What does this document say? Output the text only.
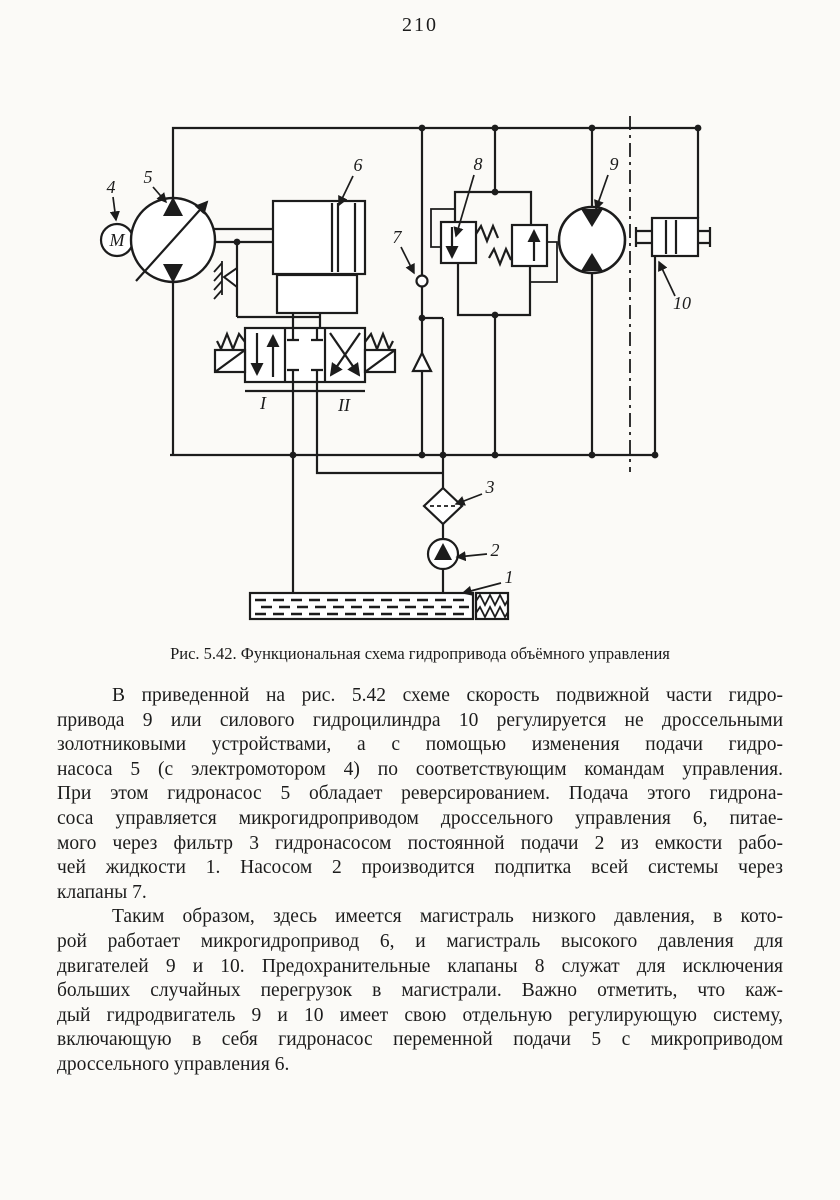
210
M
4 5
6
7
8	9
10
3
2
1
I	II
Рис. 5.42. Функциональная схема гидропривода объёмного управления
В приведенной на рис. 5.42 схеме скорость подвижной части гидро-
привода 9 или силового гидроцилиндра 10 регулируется не дроссельными
золотниковыми устройствами, а с помощью изменения подачи гидро-
насоса 5 (с электромотором 4) по соответствующим командам управления.
При этом гидронасос 5 обладает реверсированием. Подача этого гидрона-
соса управляется микрогидроприводом дроссельного управления 6, питае-
мого через фильтр 3 гидронасосом постоянной подачи 2 из емкости рабо-
чей жидкости 1. Насосом 2 производится подпитка всей системы через
клапаны 7.
Таким образом, здесь имеется магистраль низкого давления, в кото-
рой работает микрогидропривод 6, и магистраль высокого давления для
двигателей 9 и 10. Предохранительные клапаны 8 служат для исключения
больших случайных перегрузок в магистрали. Важно отметить, что каж-
дый гидродвигатель 9 и 10 имеет свою отдельную регулирующую систему,
включающую в себя гидронасос переменной подачи 5 с микроприводом
дроссельного управления 6.
